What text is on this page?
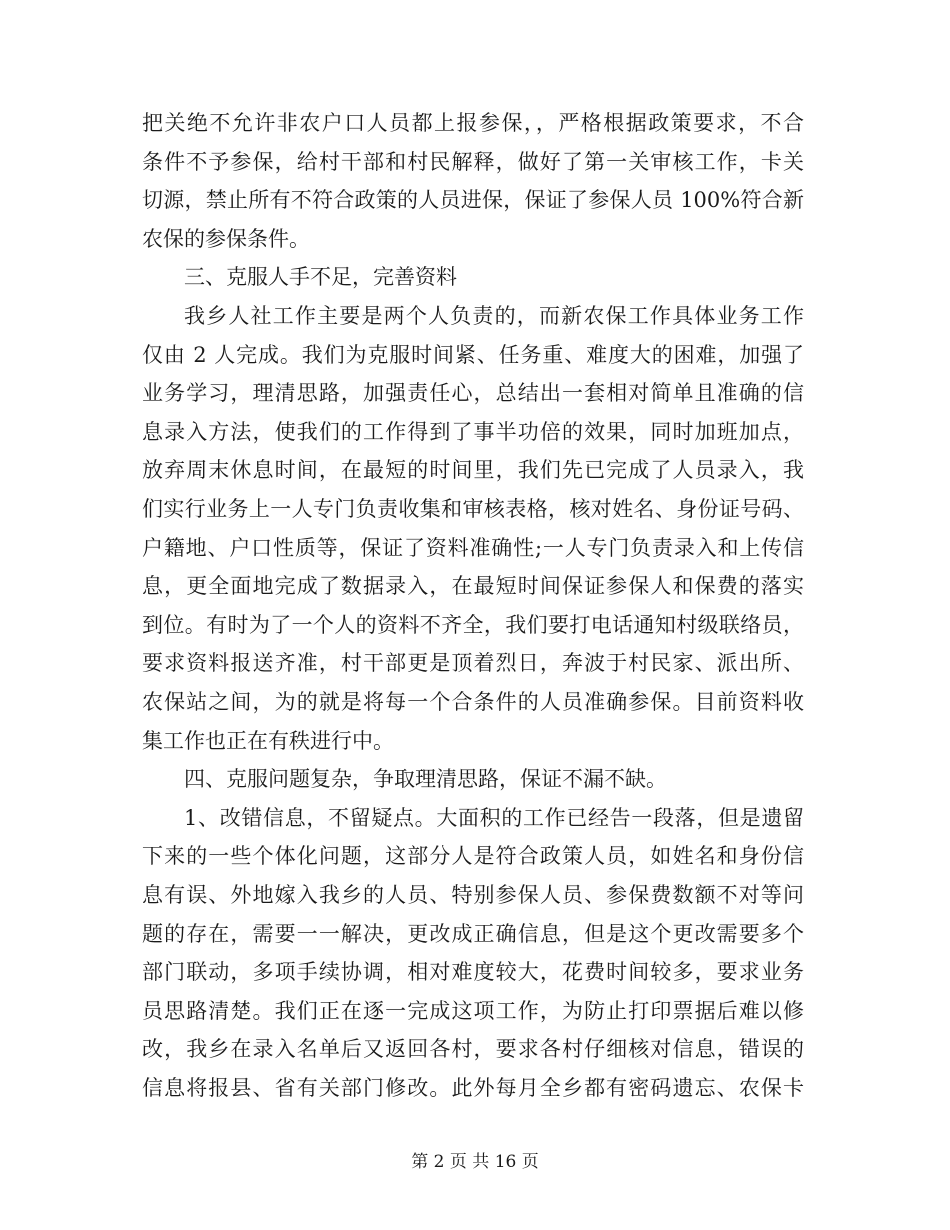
把关绝不允许非农户口人员都上报参保，，严格根据政策要求，不合
条件不予参保，给村干部和村民解释，做好了第一关审核工作，卡关
切源，禁止所有不符合政策的人员进保，保证了参保人员 100%符合新
农保的参保条件。
三、克服人手不足，完善资料
我乡人社工作主要是两个人负责的，而新农保工作具体业务工作
仅由 2 人完成。我们为克服时间紧、任务重、难度大的困难，加强了
业务学习，理清思路，加强责任心，总结出一套相对简单且准确的信
息录入方法，使我们的工作得到了事半功倍的效果，同时加班加点，
放弃周末休息时间，在最短的时间里，我们先已完成了人员录入，我
们实行业务上一人专门负责收集和审核表格，核对姓名、身份证号码、
户籍地、户口性质等，保证了资料准确性;一人专门负责录入和上传信
息，更全面地完成了数据录入，在最短时间保证参保人和保费的落实
到位。有时为了一个人的资料不齐全，我们要打电话通知村级联络员，
要求资料报送齐准，村干部更是顶着烈日，奔波于村民家、派出所、
农保站之间，为的就是将每一个合条件的人员准确参保。目前资料收
集工作也正在有秩进行中。
四、克服问题复杂，争取理清思路，保证不漏不缺。
1、改错信息，不留疑点。大面积的工作已经告一段落，但是遗留
下来的一些个体化问题，这部分人是符合政策人员，如姓名和身份信
息有误、外地嫁入我乡的人员、特别参保人员、参保费数额不对等问
题的存在，需要一一解决，更改成正确信息，但是这个更改需要多个
部门联动，多项手续协调，相对难度较大，花费时间较多，要求业务
员思路清楚。我们正在逐一完成这项工作，为防止打印票据后难以修
改，我乡在录入名单后又返回各村，要求各村仔细核对信息，错误的
信息将报县、省有关部门修改。此外每月全乡都有密码遗忘、农保卡
第 2 页 共 16 页
